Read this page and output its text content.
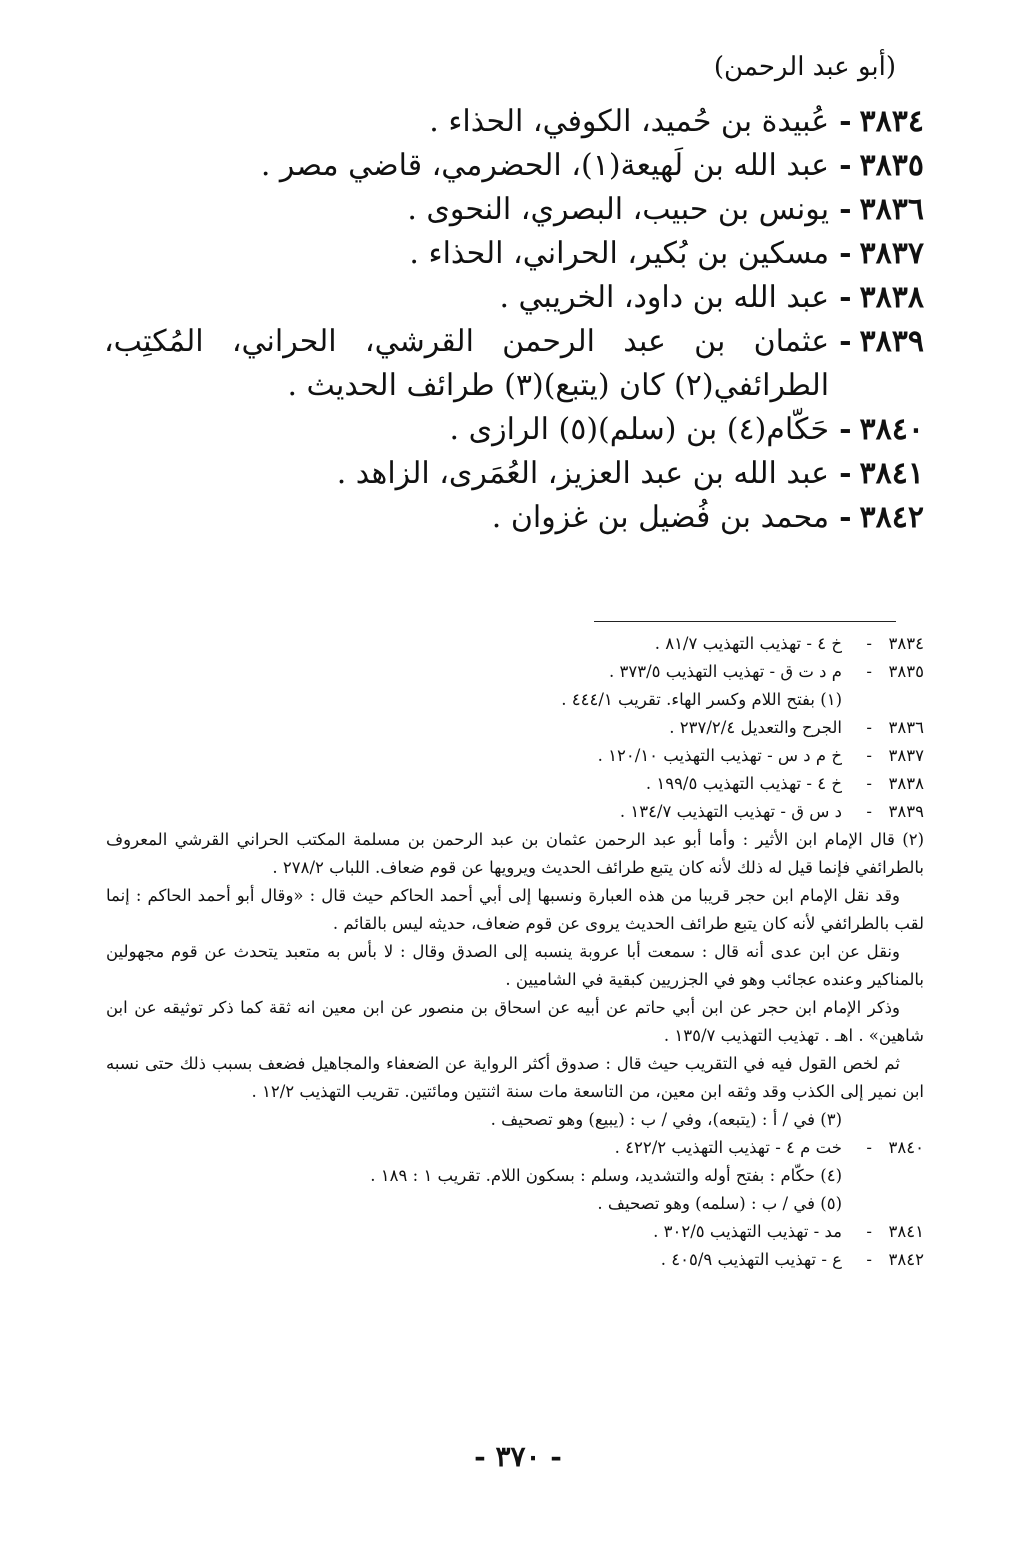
(أبو عبد الرحمن)
٣٨٣٤
-
عُبيدة بن حُميد، الكوفي، الحذاء .
٣٨٣٥
-
عبد الله بن لَهيعة(١)، الحضرمي، قاضي مصر .
٣٨٣٦
-
يونس بن حبيب، البصري، النحوى .
٣٨٣٧
-
مسكين بن بُكير، الحراني، الحذاء .
٣٨٣٨
-
عبد الله بن داود، الخريبي .
٣٨٣٩
-
عثمان بن عبد الرحمن القرشي، الحراني، المُكتِب، الطرائفي(٢) كان (يتبع)(٣) طرائف الحديث .
٣٨٤٠
-
حَكّام(٤) بن (سلم)(٥) الرازى .
٣٨٤١
-
عبد الله بن عبد العزيز، العُمَرى، الزاهد .
٣٨٤٢
-
محمد بن فُضيل بن غزوان .
٣٨٣٤
-
خ ٤ - تهذيب التهذيب ٨١/٧ .
٣٨٣٥
-
م د ت ق - تهذيب التهذيب ٣٧٣/٥ .
(١) بفتح اللام وكسر الهاء. تقريب ٤٤٤/١ .
٣٨٣٦
-
الجرح والتعديل ٢٣٧/٢/٤ .
٣٨٣٧
-
خ م د س - تهذيب التهذيب ١٢٠/١٠ .
٣٨٣٨
-
خ ٤ - تهذيب التهذيب ١٩٩/٥ .
٣٨٣٩
-
د س ق - تهذيب التهذيب ١٣٤/٧ .
(٢) قال الإمام ابن الأثير : وأما أبو عبد الرحمن عثمان بن عبد الرحمن بن مسلمة المكتب الحراني القرشي المعروف بالطرائفي فإنما قيل له ذلك لأنه كان يتبع طرائف الحديث ويرويها عن قوم ضعاف. اللباب ٢٧٨/٢ .
وقد نقل الإمام ابن حجر قريبا من هذه العبارة ونسبها إلى أبي أحمد الحاكم حيث قال : «وقال أبو أحمد الحاكم : إنما لقب بالطرائفي لأنه كان يتبع طرائف الحديث يروى عن قوم ضعاف، حديثه ليس بالقائم .
ونقل عن ابن عدى أنه قال : سمعت أبا عروبة ينسبه إلى الصدق وقال : لا بأس به متعبد يتحدث عن قوم مجهولين بالمناكير وعنده عجائب وهو في الجزريين كبقية في الشاميين .
وذكر الإمام ابن حجر عن ابن أبي حاتم عن أبيه عن اسحاق بن منصور عن ابن معين انه ثقة كما ذكر توثيقه عن ابن شاهين» . اهـ . تهذيب التهذيب ١٣٥/٧ .
ثم لخص القول فيه في التقريب حيث قال : صدوق أكثر الرواية عن الضعفاء والمجاهيل فضعف بسبب ذلك حتى نسبه ابن نمير إلى الكذب وقد وثقه ابن معين، من التاسعة مات سنة اثنتين ومائتين. تقريب التهذيب ١٢/٢ .
(٣) في / أ : (يتبعه)، وفي / ب : (يبيع) وهو تصحيف .
٣٨٤٠
-
خت م ٤ - تهذيب التهذيب ٤٢٢/٢ .
(٤) حكّام : بفتح أوله والتشديد، وسلم : بسكون اللام. تقريب ١ : ١٨٩ .
(٥) في / ب : (سلمه) وهو تصحيف .
٣٨٤١
-
مد - تهذيب التهذيب ٣٠٢/٥ .
٣٨٤٢
-
ع - تهذيب التهذيب ٤٠٥/٩ .
- ٣٧٠ -
